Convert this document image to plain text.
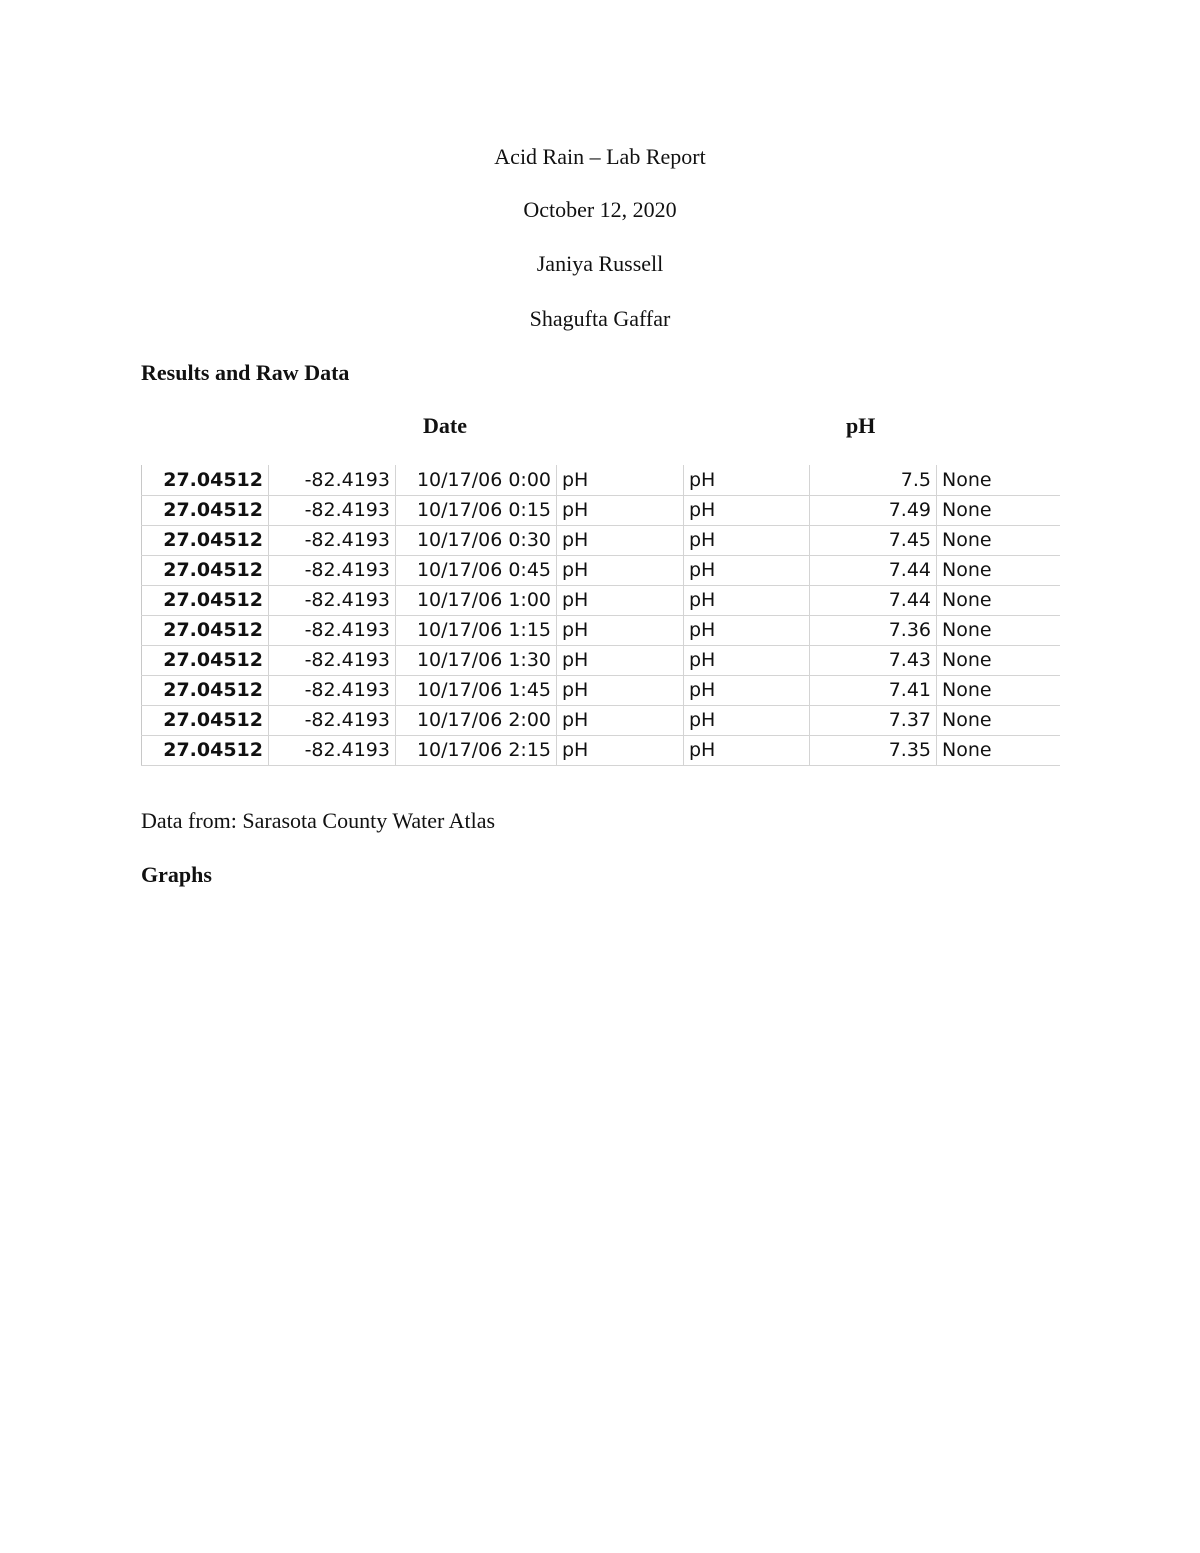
Acid Rain – Lab Report
October 12, 2020
Janiya Russell
Shagufta Gaffar
Results and Raw Data
Date	pH
27.04512	-82.4193	10/17/06 0:00	pH	pH	7.5	None
27.04512	-82.4193	10/17/06 0:15	pH	pH	7.49	None
27.04512	-82.4193	10/17/06 0:30	pH	pH	7.45	None
27.04512	-82.4193	10/17/06 0:45	pH	pH	7.44	None
27.04512	-82.4193	10/17/06 1:00	pH	pH	7.44	None
27.04512	-82.4193	10/17/06 1:15	pH	pH	7.36	None
27.04512	-82.4193	10/17/06 1:30	pH	pH	7.43	None
27.04512	-82.4193	10/17/06 1:45	pH	pH	7.41	None
27.04512	-82.4193	10/17/06 2:00	pH	pH	7.37	None
27.04512	-82.4193	10/17/06 2:15	pH	pH	7.35	None
Data from: Sarasota County Water Atlas
Graphs
